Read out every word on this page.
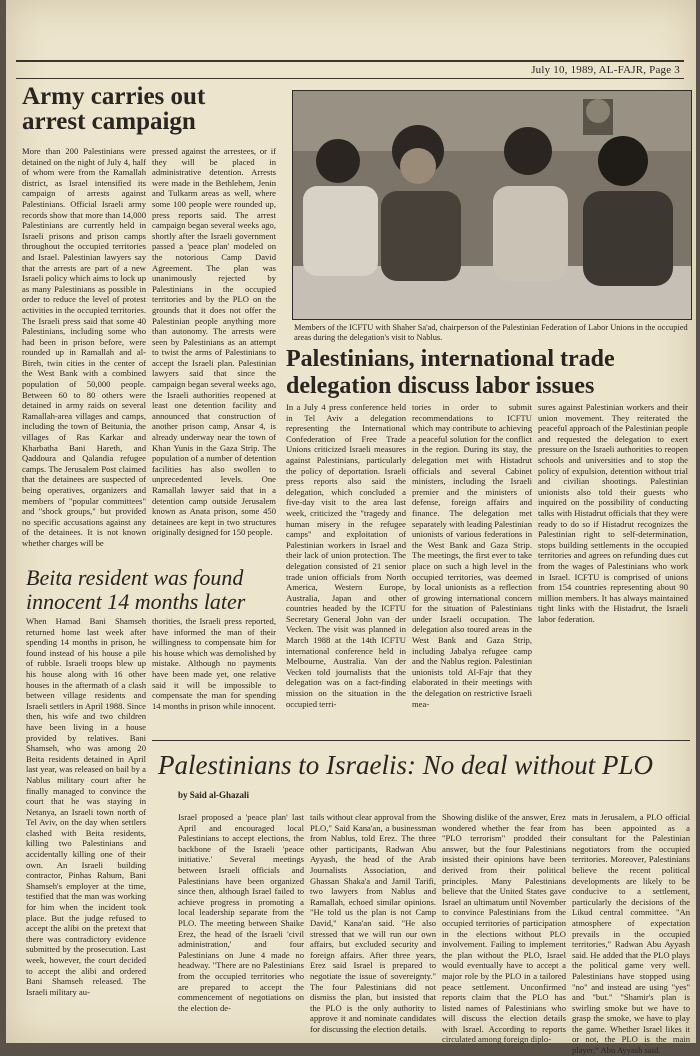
July 10, 1989, AL-FAJR, Page 3
Army carries out arrest campaign
More than 200 Palestinians were detained on the night of July 4, half of whom were from the Ramallah district, as Israel intensified its campaign of arrests against Palestinians. Official Israeli army records show that more than 14,000 Palestinians are currently held in Israeli prisons and prison camps throughout the occupied territories and Israel. Palestinian lawyers say that the arrests are part of a new Israeli policy which aims to lock up as many Palestinians as possible in order to reduce the level of protest activities in the occupied territories. The Israeli press said that some 40 Palestinians, including some who had been in prison before, were rounded up in Ramallah and al-Bireh, twin cities in the center of the West Bank with a combined population of 50,000 people. Between 60 to 80 others were detained in army raids on several Ramallah-area villages and camps, including the town of Beitunia, the villages of Ras Karkar and Kharbatha Bani Hareth, and Qaddoura and Qalandia refugee camps. The Jerusalem Post claimed that the detainees are suspected of being operatives, organizers and members of "popular committees" and "shock groups," but provided no specific accusations against any of the detainees. It is not known whether charges will be
pressed against the arrestees, or if they will be placed in administrative detention. Arrests were made in the Bethlehem, Jenin and Tulkarm areas as well, where some 100 people were rounded up, press reports said. The arrest campaign began several weeks ago, shortly after the Israeli government passed a 'peace plan' modeled on the notorious Camp David Agreement. The plan was unanimously rejected by Palestinians in the occupied territories and by the PLO on the grounds that it does not offer the Palestinian people anything more than autonomy. The arrests were seen by Palestinians as an attempt to twist the arms of Palestinians to accept the Israeli plan. Palestinian lawyers said that since the campaign began several weeks ago, the Israeli authorities reopened at least one detention facility and announced that construction of another prison camp, Ansar 4, is already underway near the town of Khan Yunis in the Gaza Strip. The population of a number of detention facilities has also swollen to unprecedented levels. One Ramallah lawyer said that in a detention camp outside Jerusalem known as Anata prison, some 450 detainees are kept in two structures originally designed for 150 people.
Members of the ICFTU with Shaher Sa'ad, chairperson of the Palestinian Federation of Labor Unions in the occupied areas during the delegation's visit to Nablus.
Palestinians, international trade delegation discuss labor issues
In a July 4 press conference held in Tel Aviv a delegation representing the International Confederation of Free Trade Unions criticized Israeli measures against Palestinians, particularly the policy of deportation. Israeli press reports also said the delegation, which concluded a five-day visit to the area last week, criticized the "tragedy and human misery in the refugee camps" and exploitation of Palestinian workers in Israel and their lack of union protection. The delegation consisted of 21 senior trade union officials from North America, Western Europe, Australia, Japan and other countries headed by the ICFTU Secretary General John van der Vecken. The visit was planned in March 1988 at the 14th ICFTU international conference held in Melbourne, Australia. Van der Vecken told journalists that the delegation was on a fact-finding mission on the situation in the occupied terri-
tories in order to submit recommendations to ICFTU which may contribute to achieving a peaceful solution for the conflict in the region. During its stay, the delegation met with Histadrut officials and several Cabinet ministers, including the Israeli premier and the ministers of defense, foreign affairs and finance. The delegation met separately with leading Palestinian unionists of various federations in the West Bank and Gaza Strip. The meetings, the first ever to take place on such a high level in the occupied territories, was deemed by local unionists as a reflection of growing international concern for the situation of Palestinians under Israeli occupation. The delegation also toured areas in the West Bank and Gaza Strip, including Jabalya refugee camp and the Nablus region. Palestinian unionists told Al-Fajr that they elaborated in their meetings with the delegation on restrictive Israeli mea-
sures against Palestinian workers and their union movement. They reiterated the peaceful approach of the Palestinian people and requested the delegation to exert pressure on the Israeli authorities to reopen schools and universities and to stop the policy of expulsion, detention without trial and civilian shootings. Palestinian unionists also told their guests who inquired on the possibility of conducting talks with Histadrut officials that they were ready to do so if Histadrut recognizes the Palestinian right to self-determination, stops building settlements in the occupied territories and agrees on refunding dues cut from the wages of Palestinians who work in Israel. ICFTU is comprised of unions from 154 countries representing about 90 million members. It has always maintained tight links with the Histadrut, the Israeli labor federation.
Beita resident was found innocent 14 months later
When Hamad Bani Shamseh returned home last week after spending 14 months in prison, he found instead of his house a pile of rubble. Israeli troops blew up his house along with 16 other houses in the aftermath of a clash between village residents and Israeli settlers in April 1988. Since then, his wife and two children have been living in a house provided by relatives. Bani Shamseh, who was among 20 Beita residents detained in April last year, was released on bail by a Nablus military court after he finally managed to convince the court that he was staying in Netanya, an Israeli town north of Tel Aviv, on the day when settlers clashed with Beita residents, killing two Palestinians and accidentally killing one of their own. An Israeli building contractor, Pinhas Rahum, Bani Shamseh's employer at the time, testified that the man was working for him when the incident took place. But the judge refused to accept the alibi on the pretext that there was contradictory evidence submitted by the prosecution. Last week, however, the court decided to accept the alibi and ordered Bani Shamseh released. The Israeli military au-
thorities, the Israeli press reported, have informed the man of their willingness to compensate him for his house which was demolished by mistake. Although no payments have been made yet, one relative said it will be impossible to compensate the man for spending 14 months in prison while innocent.
Palestinians to Israelis: No deal without PLO
by Said al-Ghazali
Israel proposed a 'peace plan' last April and encouraged local Palestinians to accept elections, the backbone of the Israeli 'peace initiative.' Several meetings between Israeli officials and Palestinians have been organized since then, although Israel failed to achieve progress in promoting a local leadership separate from the PLO. The meeting between Shaike Erez, the head of the Israeli 'civil administration,' and four Palestinians on June 4 made no headway. "There are no Palestinians from the occupied territories who are prepared to accept the commencement of negotiations on the election de-
tails without clear approval from the PLO," Said Kana'an, a businessman from Nablus, told Erez. The three other participants, Radwan Abu Ayyash, the head of the Arab Journalists Association, and Ghassan Shaka'a and Jamil Tarifi, two lawyers from Nablus and Ramallah, echoed similar opinions. "He told us the plan is not Camp David," Kana'an said. "He also stressed that we will run our own affairs, but excluded security and foreign affairs. After three years, Erez said Israel is prepared to negotiate the issue of sovereignty." The four Palestinians did not dismiss the plan, but insisted that the PLO is the only authority to approve it and nominate candidates for discussing the election details.
Showing dislike of the answer, Erez wondered whether the fear from "PLO terrorism" prodded their answer, but the four Palestinians insisted their opinions have been derived from their political principles. Many Palestinians believe that the United States gave Israel an ultimatum until November to convince Palestinians from the occupied territories of participation in the elections without PLO involvement. Failing to implement the plan without the PLO, Israel would eventually have to accept a major role by the PLO in a tailored peace settlement. Unconfirmed reports claim that the PLO has listed names of Palestinians who will discuss the election details with Israel. According to reports circulated among foreign diplo-
mats in Jerusalem, a PLO official has been appointed as a consultant for the Palestinian negotiators from the occupied territories. Moreover, Palestinians believe the recent political developments are likely to be conducive to a settlement, particularly the decisions of the Likud central committee. "An atmosphere of expectation prevails in the occupied territories," Radwan Abu Ayyash said. He added that the PLO plays the political game very well. Palestinians have stopped using "no" and instead are using "yes" and "but." "Shamir's plan is swirling smoke but we have to grasp the smoke, we have to play the game. Whether Israel likes it or not, the PLO is the main player," Abu Ayyash said.
